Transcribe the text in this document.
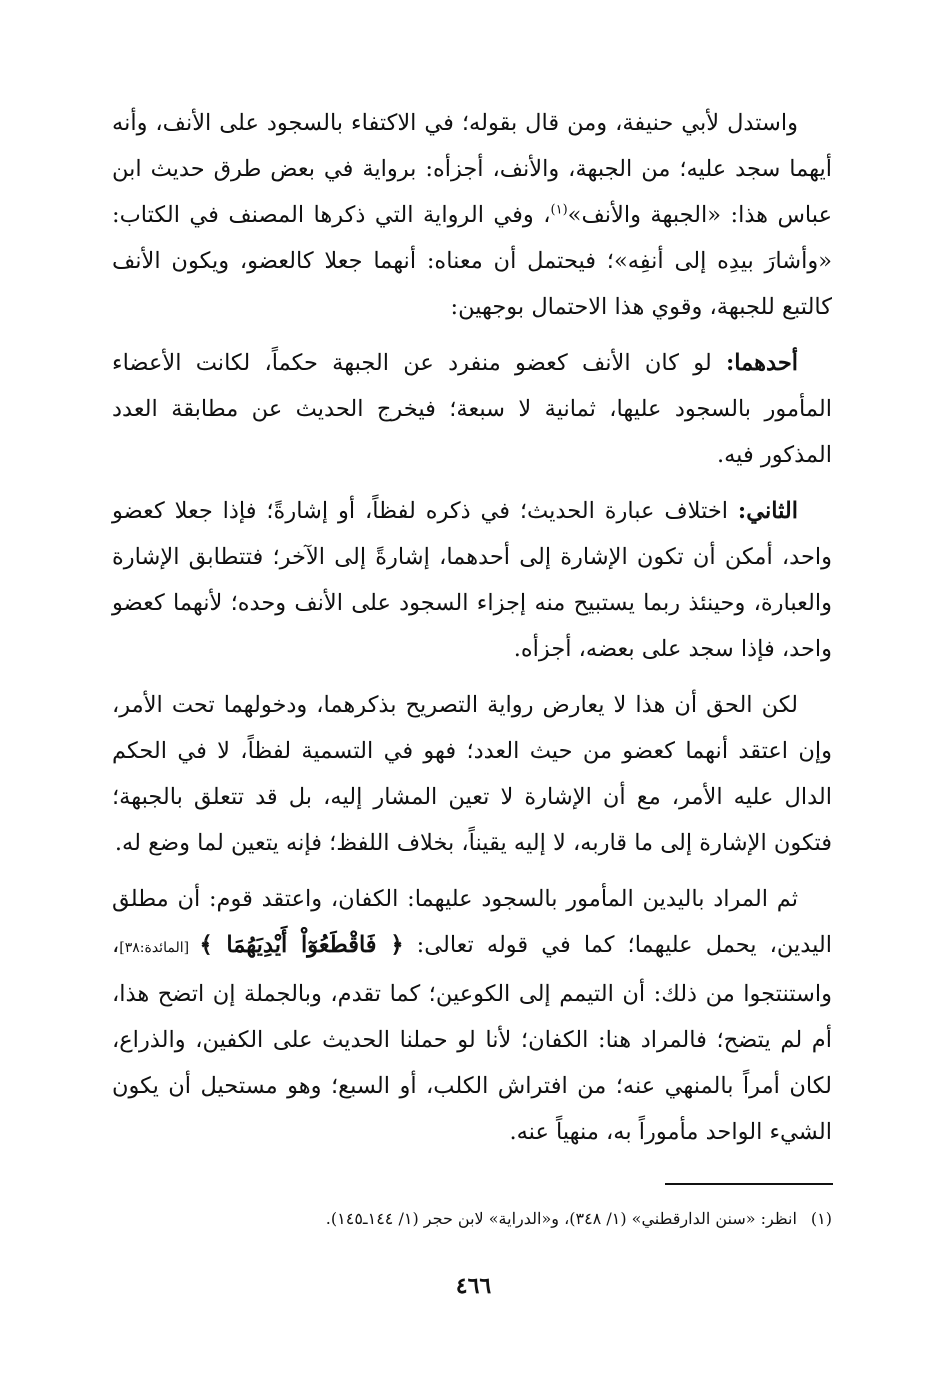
واستدل لأبي حنيفة، ومن قال بقوله؛ في الاكتفاء بالسجود على الأنف، وأنه أيهما سجد عليه؛ من الجبهة، والأنف، أجزأه: برواية في بعض طرق حديث ابن عباس هذا: «الجبهة والأنف»$^{(١)}$، وفي الرواية التي ذكرها المصنف في الكتاب: «وأشارَ بيدِه إلى أنفِه»؛ فيحتمل أن معناه: أنهما جعلا كالعضو، ويكون الأنف كالتبع للجبهة، وقوي هذا الاحتمال بوجهين:

أحدهما: لو كان الأنف كعضو منفرد عن الجبهة حكماً، لكانت الأعضاء المأمور بالسجود عليها، ثمانية لا سبعة؛ فيخرج الحديث عن مطابقة العدد المذكور فيه.

الثاني: اختلاف عبارة الحديث؛ في ذكره لفظاً، أو إشارةً؛ فإذا جعلا كعضو واحد، أمكن أن تكون الإشارة إلى أحدهما، إشارةً إلى الآخر؛ فتتطابق الإشارة والعبارة، وحينئذ ربما يستبيح منه إجزاء السجود على الأنف وحده؛ لأنهما كعضو واحد، فإذا سجد على بعضه، أجزأه.

لكن الحق أن هذا لا يعارض رواية التصريح بذكرهما، ودخولهما تحت الأمر، وإن اعتقد أنهما كعضو من حيث العدد؛ فهو في التسمية لفظاً، لا في الحكم الدال عليه الأمر، مع أن الإشارة لا تعين المشار إليه، بل قد تتعلق بالجبهة؛ فتكون الإشارة إلى ما قاربه، لا إليه يقيناً، بخلاف اللفظ؛ فإنه يتعين لما وضع له.

ثم المراد باليدين المأمور بالسجود عليهما: الكفان، واعتقد قوم: أن مطلق اليدين، يحمل عليهما؛ كما في قوله تعالى: ﴿ فَاقْطَعُوٓاْ أَيْدِيَهُمَا ﴾ [المائدة:٣٨]، واستنتجوا من ذلك: أن التيمم إلى الكوعين؛ كما تقدم، وبالجملة إن اتضح هذا، أم لم يتضح؛ فالمراد هنا: الكفان؛ لأنا لو حملنا الحديث على الكفين، والذراع، لكان أمراً بالمنهي عنه؛ من افتراش الكلب، أو السبع؛ وهو مستحيل أن يكون الشيء الواحد مأموراً به، منهياً عنه.

(١)انظر: «سنن الدارقطني» (١/ ٣٤٨)، و«الدراية» لابن حجر (١/ ١٤٤ـ١٤٥).
٤٦٦
